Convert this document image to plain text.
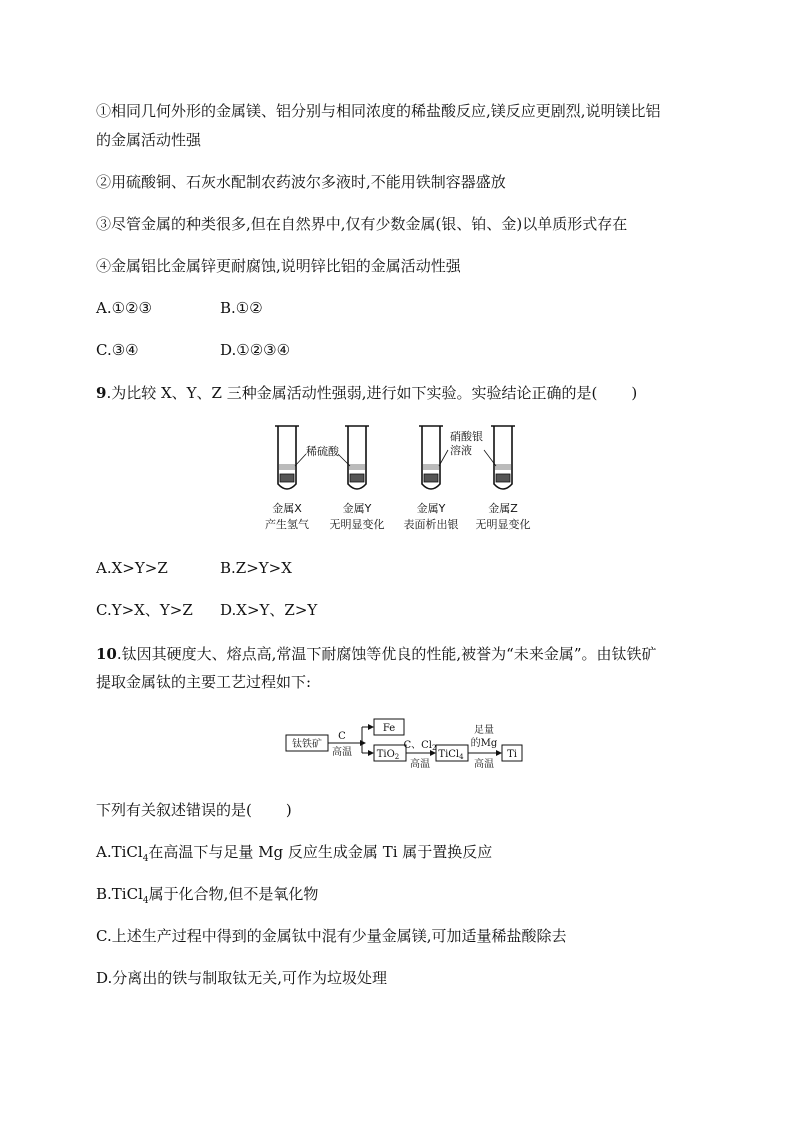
①相同几何外形的金属镁、铝分别与相同浓度的稀盐酸反应,镁反应更剧烈,说明镁比铝
的金属活动性强
②用硫酸铜、石灰水配制农药波尔多液时,不能用铁制容器盛放
③尽管金属的种类很多,但在自然界中,仅有少数金属(银、铂、金)以单质形式存在
④金属铝比金属锌更耐腐蚀,说明锌比铝的金属活动性强
A.①②③	B.①②
C.③④	D.①②③④
9.为比较 X、Y、Z 三种金属活动性强弱,进行如下实验。实验结论正确的是( )
稀硫酸
硝酸银
溶液
金属X
产生氢气
金属Y
无明显变化
金属Y
表面析出银
金属Z
无明显变化
A.X>Y>Z	B.Z>Y>X
C.Y>X、Y>Z D.X>Y、Z>Y
10.钛因其硬度大、熔点高,常温下耐腐蚀等优良的性能,被誉为“未来金属”。由钛铁矿
提取金属钛的主要工艺过程如下:
钛铁矿
C
高温
Fe
TiO$_2$
C、$Cl_2$
高温
TiCl$_4$
足量
的Mg
高温
Ti
下列有关叙述错误的是( )
A.TiCl$_4$在高温下与足量 Mg 反应生成金属 Ti 属于置换反应
B.TiCl$_4$属于化合物,但不是氧化物
C.上述生产过程中得到的金属钛中混有少量金属镁,可加适量稀盐酸除去
D.分离出的铁与制取钛无关,可作为垃圾处理
